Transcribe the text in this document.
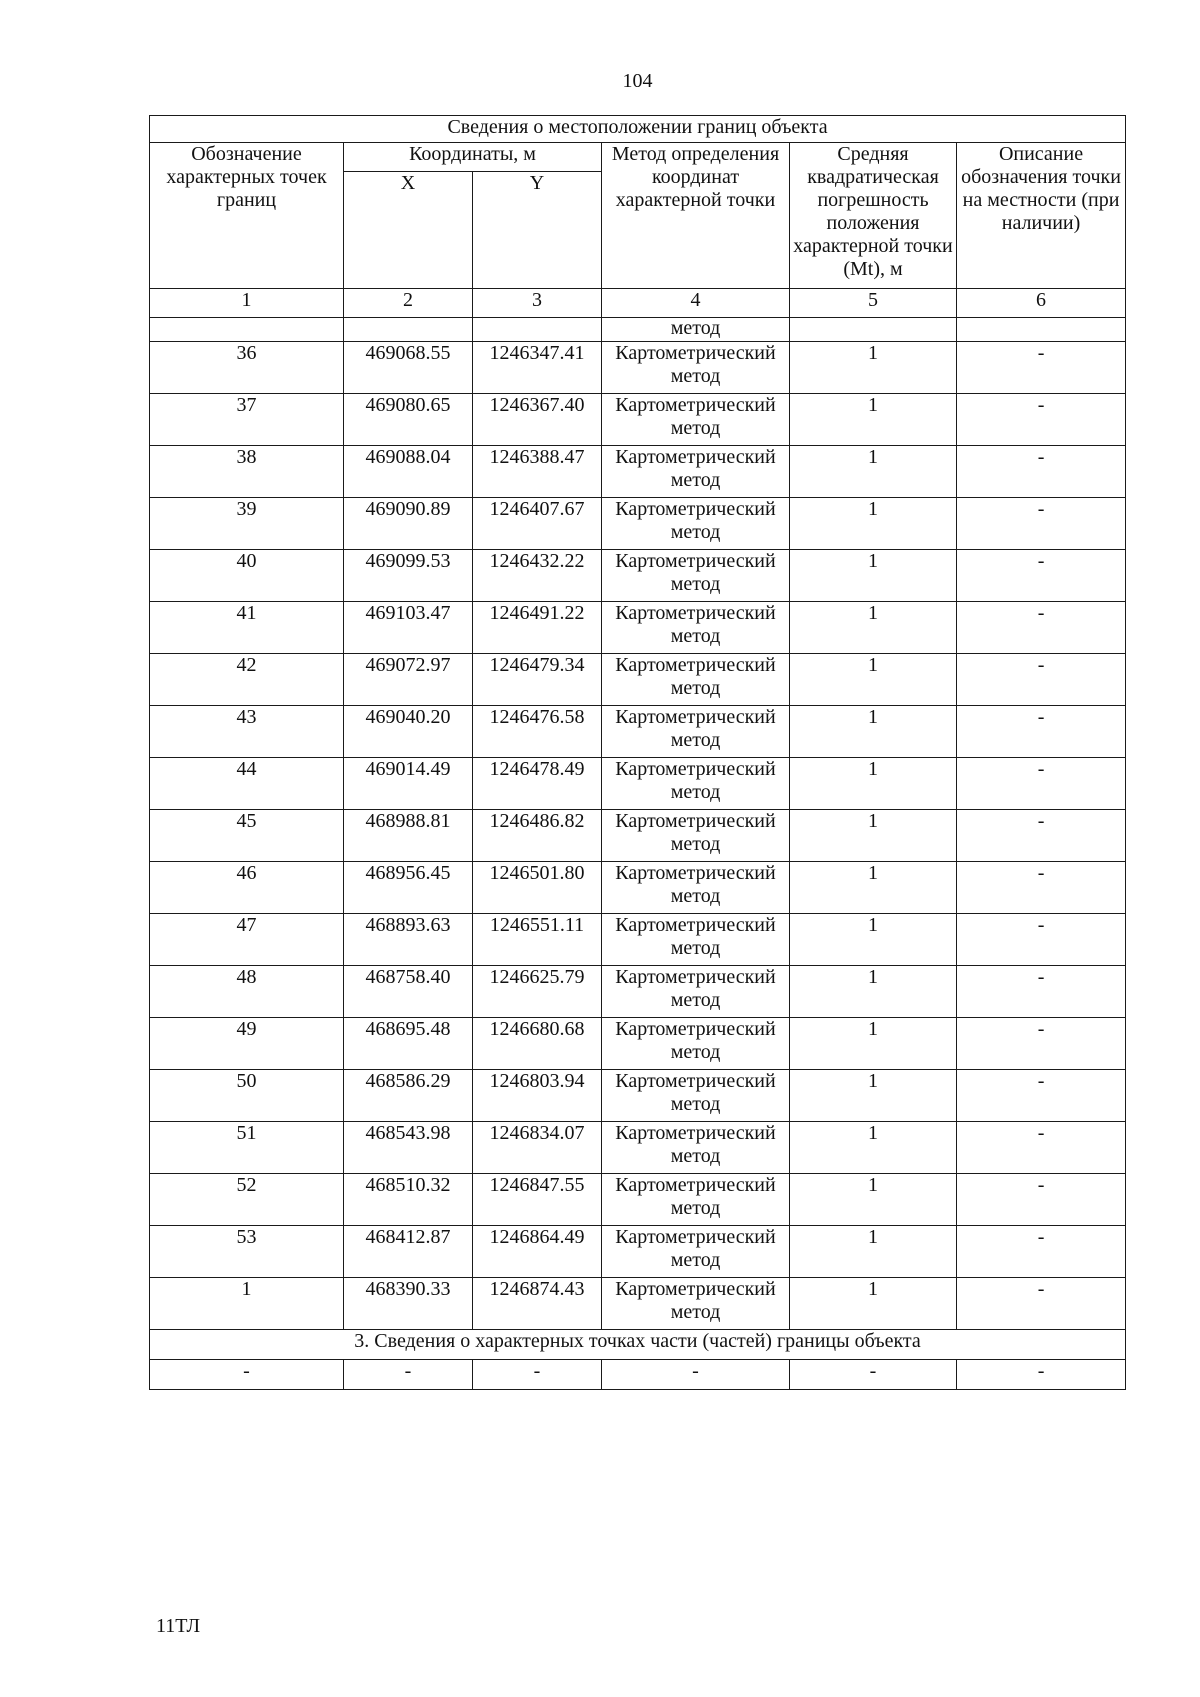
104
Сведения о местоположении границ объекта					
Обозначение характерных точек границ	Координаты, м		Метод определения координат характерной точки	Средняя квадратическая погрешность положения характерной точки (Mt), м	Описание обозначения точки на местности (при наличии)
	X	Y			
1	2	3	4	5	6
			метод		
36	469068.55	1246347.41	Картометрический метод	1	-
37	469080.65	1246367.40	Картометрический метод	1	-
38	469088.04	1246388.47	Картометрический метод	1	-
39	469090.89	1246407.67	Картометрический метод	1	-
40	469099.53	1246432.22	Картометрический метод	1	-
41	469103.47	1246491.22	Картометрический метод	1	-
42	469072.97	1246479.34	Картометрический метод	1	-
43	469040.20	1246476.58	Картометрический метод	1	-
44	469014.49	1246478.49	Картометрический метод	1	-
45	468988.81	1246486.82	Картометрический метод	1	-
46	468956.45	1246501.80	Картометрический метод	1	-
47	468893.63	1246551.11	Картометрический метод	1	-
48	468758.40	1246625.79	Картометрический метод	1	-
49	468695.48	1246680.68	Картометрический метод	1	-
50	468586.29	1246803.94	Картометрический метод	1	-
51	468543.98	1246834.07	Картометрический метод	1	-
52	468510.32	1246847.55	Картометрический метод	1	-
53	468412.87	1246864.49	Картометрический метод	1	-
1	468390.33	1246874.43	Картометрический метод	1	-
3. Сведения о характерных точках части (частей) границы объекта					
-	-	-	-	-	-
11ТЛ
